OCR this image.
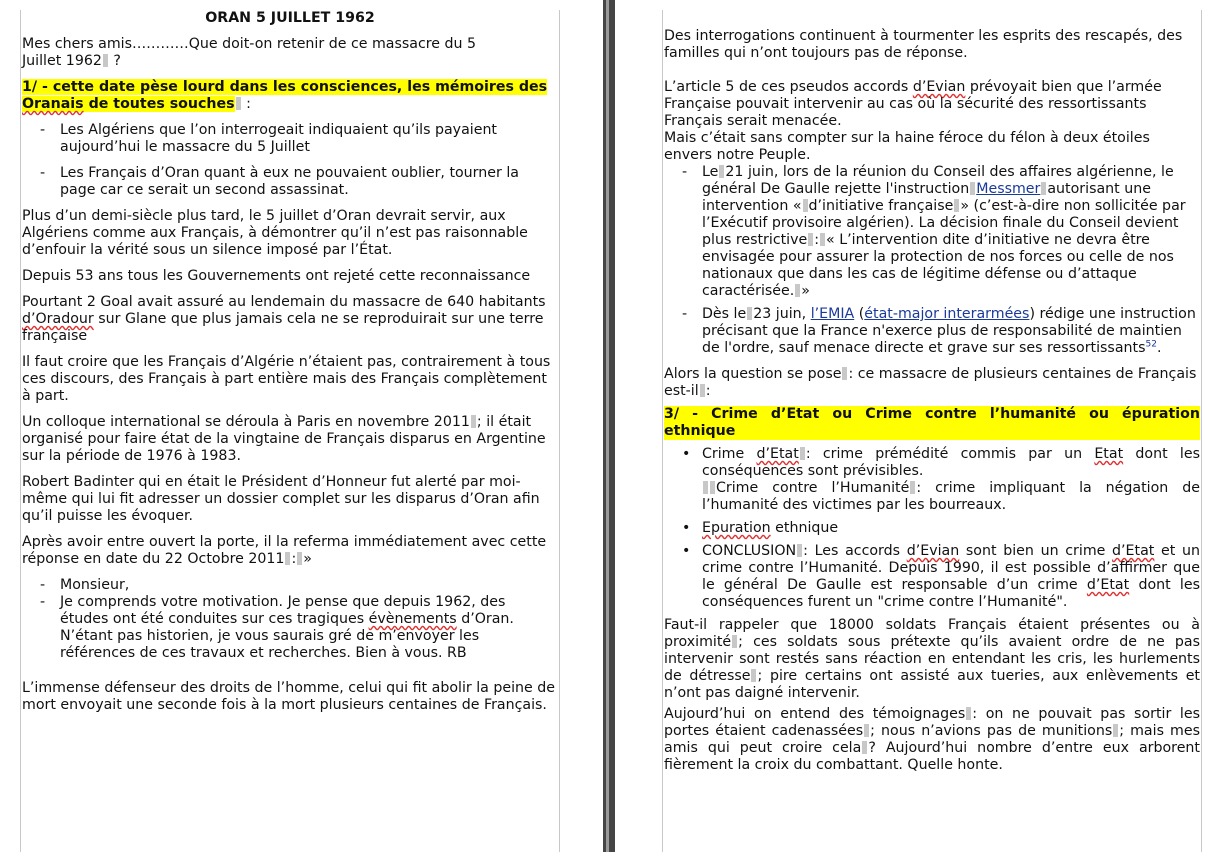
ORAN 5 JUILLET 1962

Mes chers amis…………Que doit-on retenir de ce massacre du 5
Juillet 1962 ?

1/ - cette date pèse lourd dans les consciences, les mémoires des Oranais de toutes souches :

- Les Algériens que l’on interrogeait indiquaient qu’ils payaient aujourd’hui le massacre du 5 Juillet
- Les Français d’Oran quant à eux ne pouvaient oublier, tourner la page car ce serait un second assassinat.

Plus d’un demi-siècle plus tard, le 5 juillet d’Oran devrait servir, aux Algériens comme aux Français, à démontrer qu’il n’est pas raisonnable d’enfouir la vérité sous un silence imposé par l’État.

Depuis 53 ans tous les Gouvernements ont rejeté cette reconnaissance

Pourtant 2 Goal avait assuré au lendemain du massacre de 640 habitants d’Oradour sur Glane que plus jamais cela ne se reproduirait sur une terre française

Il faut croire que les Français d’Algérie n’étaient pas, contrairement à tous ces discours, des Français à part entière mais des Français complètement à part.

Un colloque international se déroula à Paris en novembre 2011 ; il était organisé pour faire état de la vingtaine de Français disparus en Argentine sur la période de 1976 à 1983.

Robert Badinter qui en était le Président d’Honneur fut alerté par moi-même qui lui fit adresser un dossier complet sur les disparus d’Oran afin qu’il puisse les évoquer.

Après avoir entre ouvert la porte, il la referma immédiatement avec cette réponse en date du 22 Octobre 2011 : »

- Monsieur,
- Je comprends votre motivation. Je pense que depuis 1962, des études ont été conduites sur ces tragiques évènements d’Oran. N’étant pas historien, je vous saurais gré de m’envoyer les références de ces travaux et recherches. Bien à vous. RB

L’immense défenseur des droits de l’homme, celui qui fit abolir la peine de mort envoyait une seconde fois à la mort plusieurs centaines de Français.

Des interrogations continuent à tourmenter les esprits des rescapés, des familles qui n’ont toujours pas de réponse.

L’article 5 de ces pseudos accords d’Evian prévoyait bien que l’armée Française pouvait intervenir au cas où la sécurité des ressortissants Français serait menacée.
Mais c’était sans compter sur la haine féroce du félon à deux étoiles envers notre Peuple.

- Le 21 juin, lors de la réunion du Conseil des affaires algérienne, le général De Gaulle rejette l'instruction Messmer autorisant une intervention « d’initiative française » (c’est-à-dire non sollicitée par l’Exécutif provisoire algérien). La décision finale du Conseil devient plus restrictive : « L’intervention dite d’initiative ne devra être envisagée pour assurer la protection de nos forces ou celle de nos nationaux que dans les cas de légitime défense ou d’attaque caractérisée. »
- Dès le 23 juin, l’EMIA (état-major interarmées) rédige une instruction précisant que la France n'exerce plus de responsabilité de maintien de l'ordre, sauf menace directe et grave sur ses ressortissants$^{52}$.

Alors la question se pose : ce massacre de plusieurs centaines de Français est-il :

3/ - Crime d’Etat ou Crime contre l’humanité ou épuration ethnique
• Crime d’Etat : crime prémédité commis par un Etat dont les conséquences sont prévisibles.
Crime contre l’Humanité : crime impliquant la négation de l’humanité des victimes par les bourreaux.
• Epuration ethnique
• CONCLUSION : Les accords d’Evian sont bien un crime d’Etat et un crime contre l’Humanité. Depuis 1990, il est possible d’affirmer que le général De Gaulle est responsable d’un crime d’Etat dont les conséquences furent un "crime contre l’Humanité".

Faut-il rappeler que 18000 soldats Français étaient présentes ou à proximité ; ces soldats sous prétexte qu’ils avaient ordre de ne pas intervenir sont restés sans réaction en entendant les cris, les hurlements de détresse ; pire certains ont assisté aux tueries, aux enlèvements et n’ont pas daigné intervenir.

Aujourd’hui on entend des témoignages : on ne pouvait pas sortir les portes étaient cadenassées ; nous n’avions pas de munitions ; mais mes amis qui peut croire cela ? Aujourd’hui nombre d’entre eux arborent fièrement la croix du combattant. Quelle honte.
